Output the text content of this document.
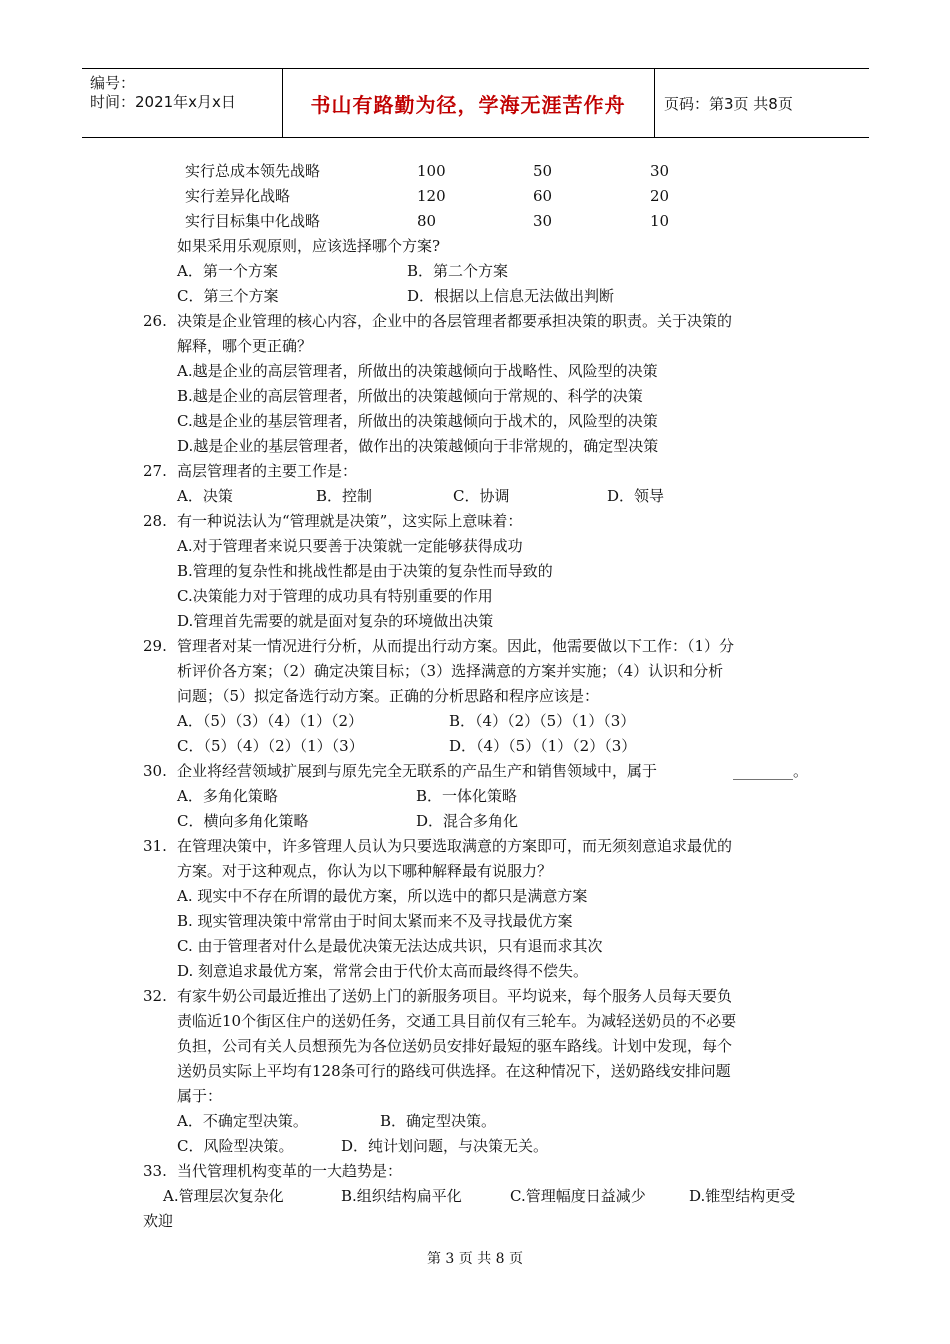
编号：
时间：2021年x月x日	书山有路勤为径，学海无涯苦作舟	页码：第3页 共8页
实行总成本领先战略	100	50	30
实行差异化战略	120	60	20
实行目标集中化战略	80	30	10
如果采用乐观原则，应该选择哪个方案?
A．第一个方案	B．第二个方案
C．第三个方案	D．根据以上信息无法做出判断
26. 决策是企业管理的核心内容，企业中的各层管理者都要承担决策的职责。关于决策的
解释，哪个更正确？
A.越是企业的高层管理者，所做出的决策越倾向于战略性、风险型的决策
B.越是企业的高层管理者，所做出的决策越倾向于常规的、科学的决策
C.越是企业的基层管理者，所做出的决策越倾向于战术的，风险型的决策
D.越是企业的基层管理者，做作出的决策越倾向于非常规的，确定型决策
27. 高层管理者的主要工作是：
A．决策	B．控制	C．协调	D．领导
28. 有一种说法认为“管理就是决策”，这实际上意味着：
A.对于管理者来说只要善于决策就一定能够获得成功
B.管理的复杂性和挑战性都是由于决策的复杂性而导致的
C.决策能力对于管理的成功具有特别重要的作用
D.管理首先需要的就是面对复杂的环境做出决策
29. 管理者对某一情况进行分析，从而提出行动方案。因此，他需要做以下工作：（1）分
析评价各方案；（2）确定决策目标；（3）选择满意的方案并实施；（4）认识和分析
问题；（5）拟定备选行动方案。正确的分析思路和程序应该是：
A．（5）（3）（4）（1）（2）	B．（4）（2）（5）（1）（3）
C．（5）（4）（2）（1）（3）	D．（4）（5）（1）（2）（3）
30. 企业将经营领域扩展到与原先完全无联系的产品生产和销售领域中，属于	________。
A．多角化策略	B．一体化策略
C．横向多角化策略	D．混合多角化
31. 在管理决策中，许多管理人员认为只要选取满意的方案即可，而无须刻意追求最优的
方案。对于这种观点，你认为以下哪种解释最有说服力？
A. 现实中不存在所谓的最优方案，所以选中的都只是满意方案
B. 现实管理决策中常常由于时间太紧而来不及寻找最优方案
C. 由于管理者对什么是最优决策无法达成共识，只有退而求其次
D. 刻意追求最优方案，常常会由于代价太高而最终得不偿失。
32. 有家牛奶公司最近推出了送奶上门的新服务项目。平均说来，每个服务人员每天要负
责临近10个街区住户的送奶任务，交通工具目前仅有三轮车。为减轻送奶员的不必要
负担，公司有关人员想预先为各位送奶员安排好最短的驱车路线。计划中发现，每个
送奶员实际上平均有128条可行的路线可供选择。在这种情况下，送奶路线安排问题
属于：
A．不确定型决策。	B．确定型决策。
C．风险型决策。	D．纯计划问题，与决策无关。
33. 当代管理机构变革的一大趋势是：
A.管理层次复杂化	B.组织结构扁平化	C.管理幅度日益减少	D.锥型结构更受
欢迎
第 3 页 共 8 页
